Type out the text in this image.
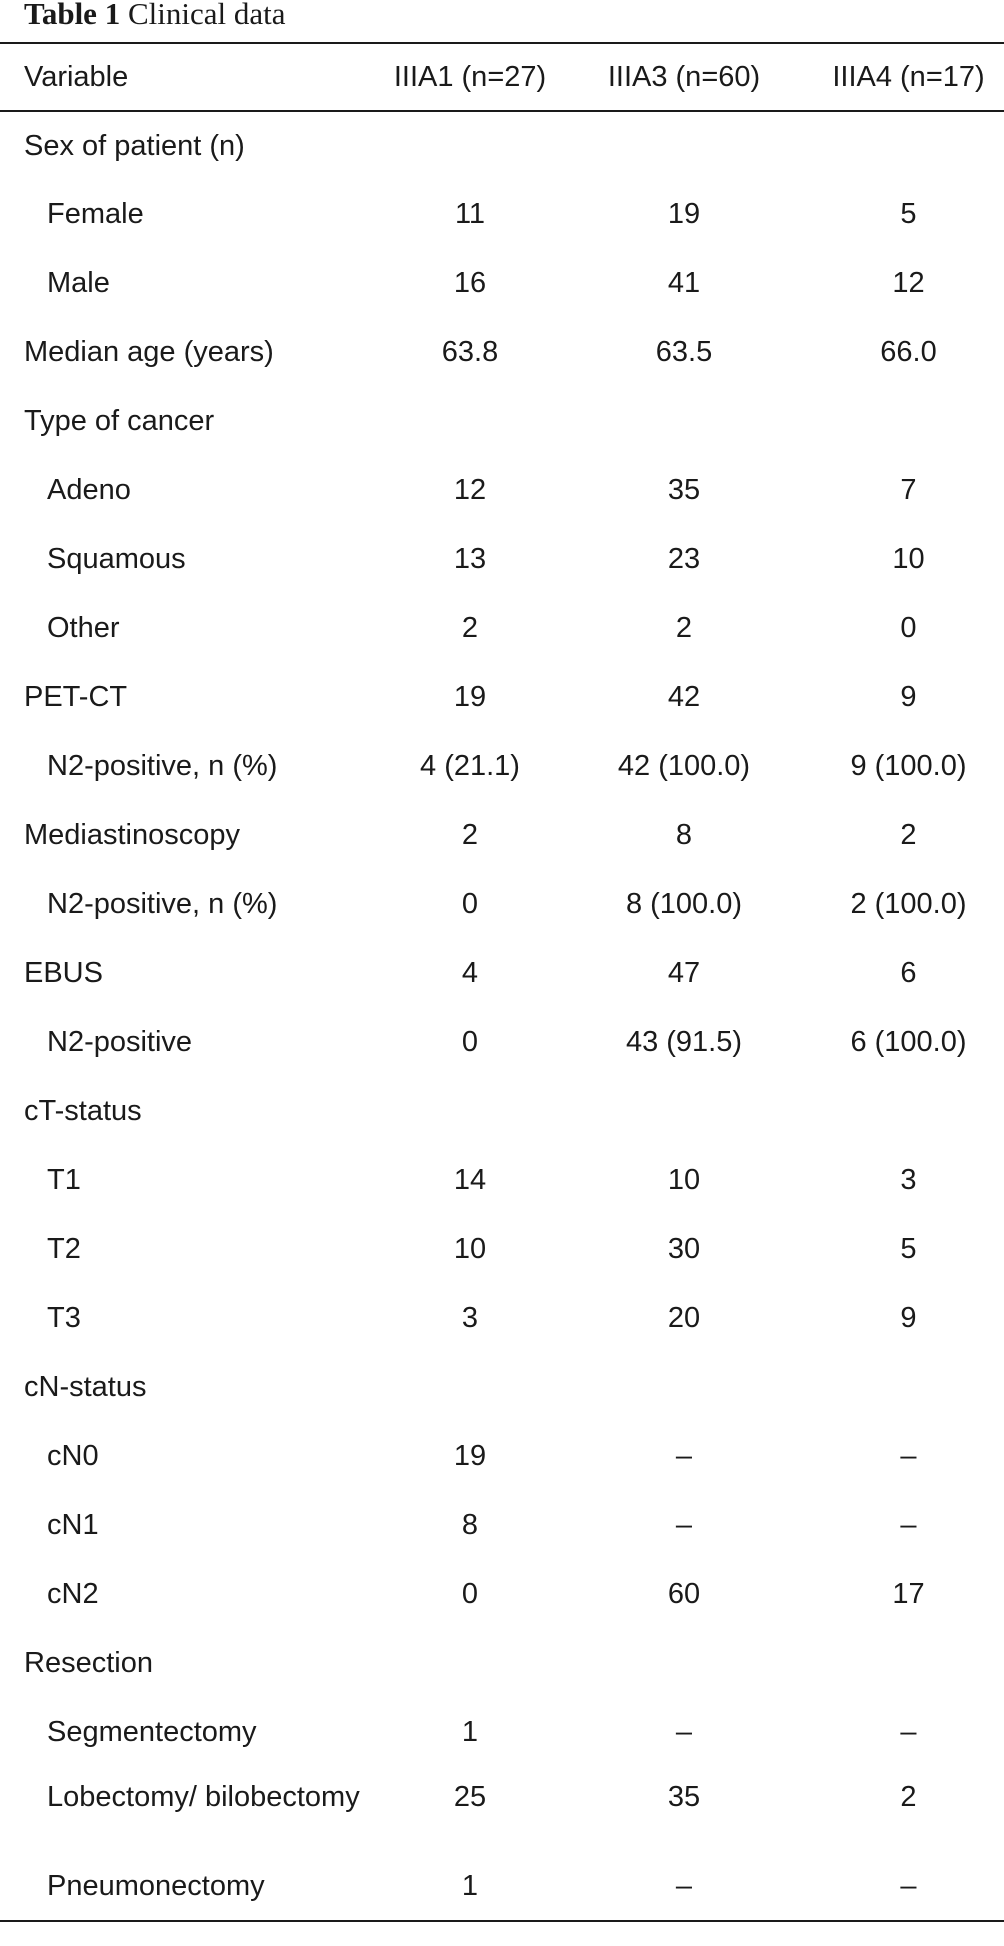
Table 1 Clinical data
Variable	IIIA1 (n=27)	IIIA3 (n=60)	IIIA4 (n=17)
Sex of patient (n)			
Female	11	19	5
Male	16	41	12
Median age (years)	63.8	63.5	66.0
Type of cancer			
Adeno	12	35	7
Squamous	13	23	10
Other	2	2	0
PET-CT	19	42	9
N2-positive, n (%)	4 (21.1)	42 (100.0)	9 (100.0)
Mediastinoscopy	2	8	2
N2-positive, n (%)	0	8 (100.0)	2 (100.0)
EBUS	4	47	6
N2-positive	0	43 (91.5)	6 (100.0)
cT-status			
T1	14	10	3
T2	10	30	5
T3	3	20	9
cN-status			
cN0	19	–	–
cN1	8	–	–
cN2	0	60	17
Resection			
Segmentectomy	1	–	–
Lobectomy/ bilobectomy	25	35	2
Pneumonectomy	1	–	–
